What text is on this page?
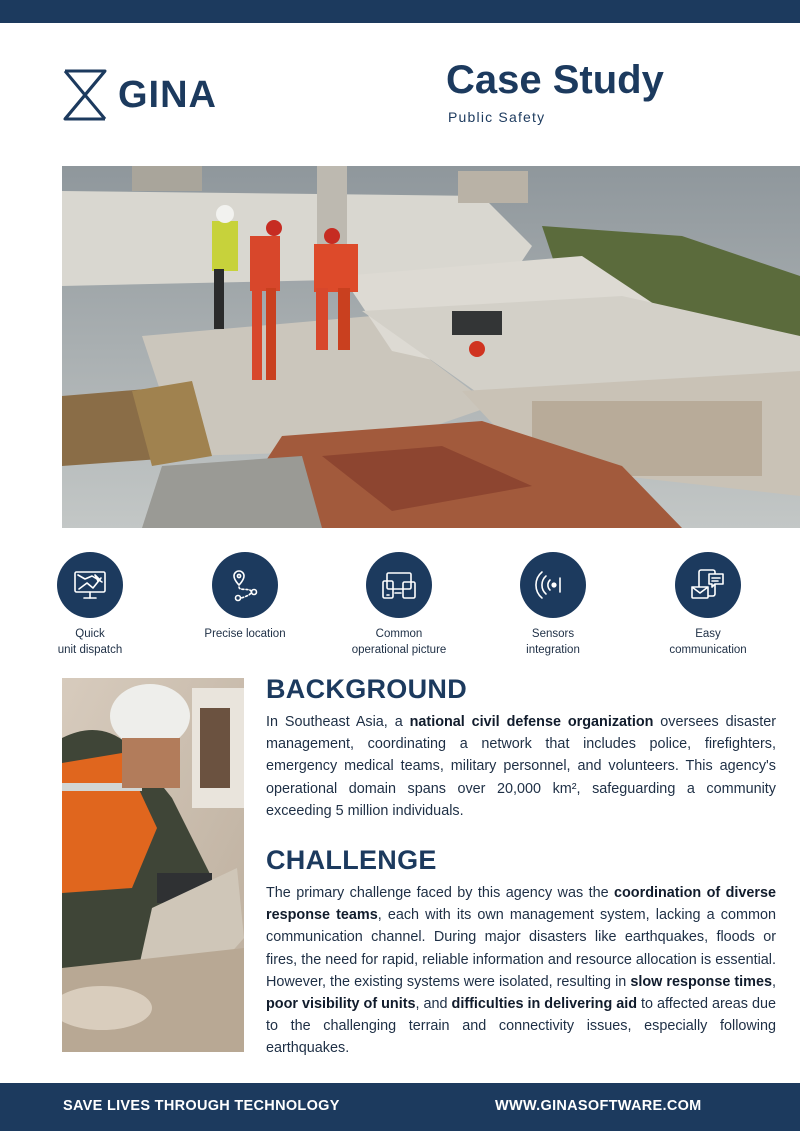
GINA	Case Study
Public Safety
Quick
unit dispatch
Precise location	Common
operational picture
Sensors
integration
Easy
communication
BACKGROUND

In Southeast Asia, a national civil defense organization oversees disaster management, coordinating a network that includes police, firefighters, emergency medical teams, military personnel, and volunteers. This agency's operational domain spans over 20,000 km², safeguarding a community exceeding 5 million individuals.

CHALLENGE

The primary challenge faced by this agency was the coordination of diverse response teams, each with its own management system, lacking a common communication channel. During major disasters like earthquakes, floods or fires, the need for rapid, reliable information and resource allocation is essential. However, the existing systems were isolated, resulting in slow response times, poor visibility of units, and difficulties in delivering aid to affected areas due to the challenging terrain and connectivity issues, especially following earthquakes.

SAVE LIVES THROUGH TECHNOLOGY	WWW.GINASOFTWARE.COM
